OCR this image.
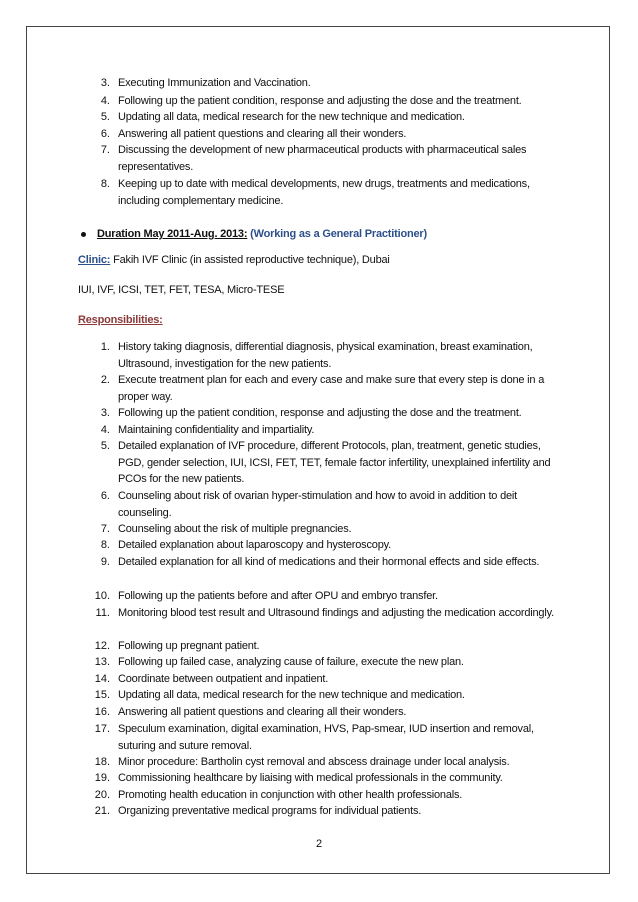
3. Executing Immunization and Vaccination.
4. Following up the patient condition, response and adjusting the dose and the treatment.
5. Updating all data, medical research for the new technique and medication.
6. Answering all patient questions and clearing all their wonders.
7. Discussing the development of new pharmaceutical products with pharmaceutical sales representatives.
8. Keeping up to date with medical developments, new drugs, treatments and medications, including complementary medicine.
Duration May 2011-Aug. 2013: (Working as a General Practitioner)
Clinic: Fakih IVF Clinic (in assisted reproductive technique), Dubai
IUI, IVF, ICSI, TET, FET, TESA, Micro-TESE
Responsibilities:
1. History taking diagnosis, differential diagnosis, physical examination, breast examination, Ultrasound, investigation for the new patients.
2. Execute treatment plan for each and every case and make sure that every step is done in a proper way.
3. Following up the patient condition, response and adjusting the dose and the treatment.
4. Maintaining confidentiality and impartiality.
5. Detailed explanation of IVF procedure, different Protocols, plan, treatment, genetic studies, PGD, gender selection, IUI, ICSI, FET, TET, female factor infertility, unexplained infertility and PCOs for the new patients.
6. Counseling about risk of ovarian hyper-stimulation and how to avoid in addition to deit counseling.
7. Counseling about the risk of multiple pregnancies.
8. Detailed explanation about laparoscopy and hysteroscopy.
9. Detailed explanation for all kind of medications and their hormonal effects and side effects.
10. Following up the patients before and after OPU and embryo transfer.
11. Monitoring blood test result and Ultrasound findings and adjusting the medication accordingly.
12. Following up pregnant patient.
13. Following up failed case, analyzing cause of failure, execute the new plan.
14. Coordinate between outpatient and inpatient.
15. Updating all data, medical research for the new technique and medication.
16. Answering all patient questions and clearing all their wonders.
17. Speculum examination, digital examination, HVS, Pap-smear, IUD insertion and removal, suturing and suture removal.
18. Minor procedure: Bartholin cyst removal and abscess drainage under local analysis.
19. Commissioning healthcare by liaising with medical professionals in the community.
20. Promoting health education in conjunction with other health professionals.
21. Organizing preventative medical programs for individual patients.
2
